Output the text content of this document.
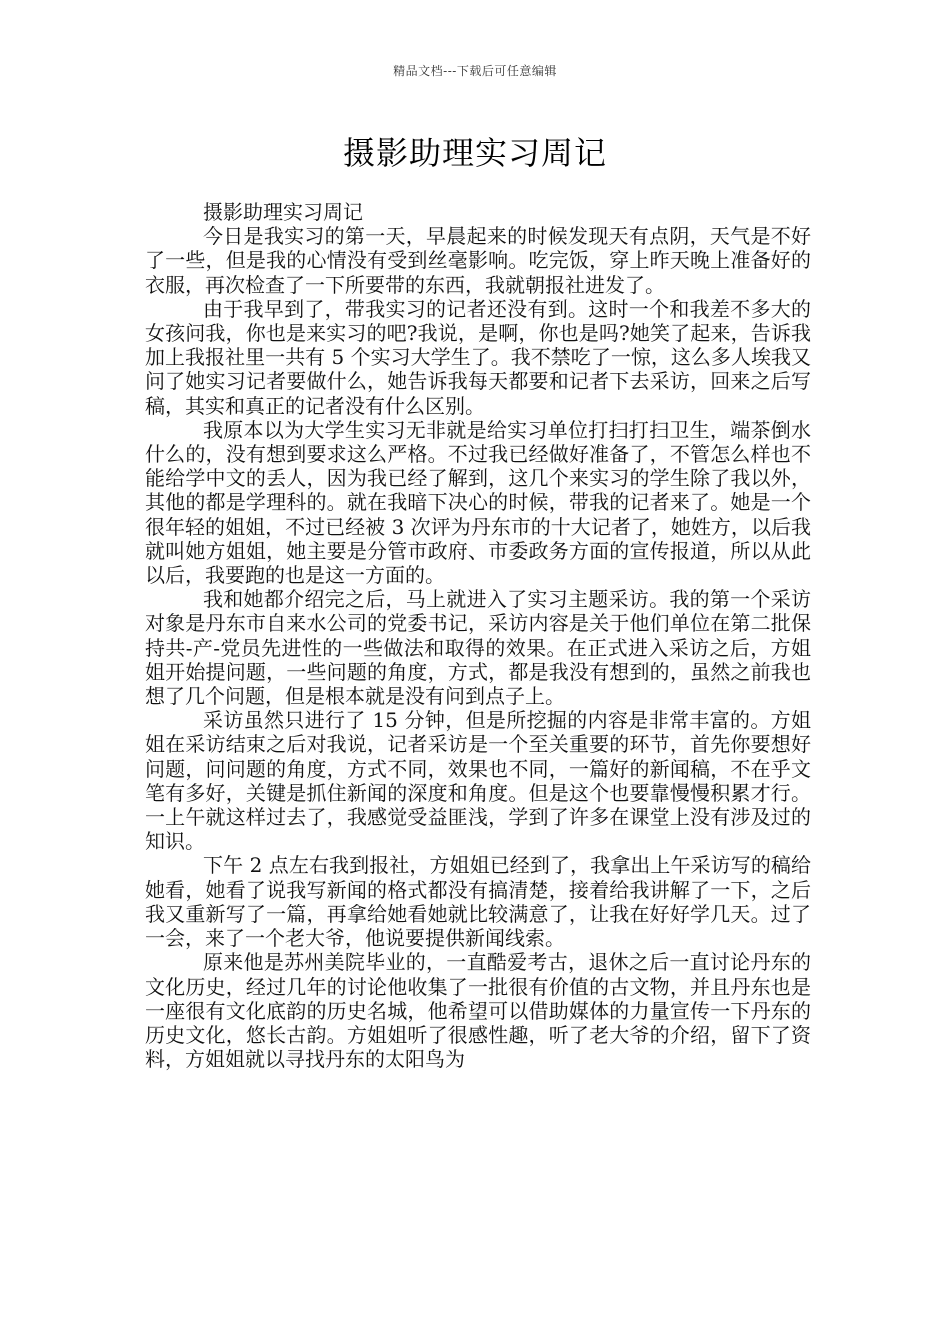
精品文档---下载后可任意编辑
摄影助理实习周记

摄影助理实习周记

今日是我实习的第一天，早晨起来的时候发现天有点阴，天气是不好了一些，但是我的心情没有受到丝毫影响。吃完饭，穿上昨天晚上准备好的衣服，再次检查了一下所要带的东西，我就朝报社进发了。

由于我早到了，带我实习的记者还没有到。这时一个和我差不多大的女孩问我，你也是来实习的吧?我说，是啊，你也是吗?她笑了起来，告诉我加上我报社里一共有 5 个实习大学生了。我不禁吃了一惊，这么多人埃我又问了她实习记者要做什么，她告诉我每天都要和记者下去采访，回来之后写稿，其实和真正的记者没有什么区别。

我原本以为大学生实习无非就是给实习单位打扫打扫卫生，端茶倒水什么的，没有想到要求这么严格。不过我已经做好准备了，不管怎么样也不能给学中文的丢人，因为我已经了解到，这几个来实习的学生除了我以外，其他的都是学理科的。就在我暗下决心的时候，带我的记者来了。她是一个很年轻的姐姐，不过已经被 3 次评为丹东市的十大记者了，她姓方，以后我就叫她方姐姐，她主要是分管市政府、市委政务方面的宣传报道，所以从此以后，我要跑的也是这一方面的。

我和她都介绍完之后，马上就进入了实习主题采访。我的第一个采访对象是丹东市自来水公司的党委书记，采访内容是关于他们单位在第二批保持共-产-党员先进性的一些做法和取得的效果。在正式进入采访之后，方姐姐开始提问题，一些问题的角度，方式，都是我没有想到的，虽然之前我也想了几个问题，但是根本就是没有问到点子上。

采访虽然只进行了 15 分钟，但是所挖掘的内容是非常丰富的。方姐姐在采访结束之后对我说，记者采访是一个至关重要的环节，首先你要想好问题，问问题的角度，方式不同，效果也不同，一篇好的新闻稿，不在乎文笔有多好，关键是抓住新闻的深度和角度。但是这个也要靠慢慢积累才行。一上午就这样过去了，我感觉受益匪浅，学到了许多在课堂上没有涉及过的知识。

下午 2 点左右我到报社，方姐姐已经到了，我拿出上午采访写的稿给她看，她看了说我写新闻的格式都没有搞清楚，接着给我讲解了一下，之后我又重新写了一篇，再拿给她看她就比较满意了，让我在好好学几天。过了一会，来了一个老大爷，他说要提供新闻线索。

原来他是苏州美院毕业的，一直酷爱考古，退休之后一直讨论丹东的文化历史，经过几年的讨论他收集了一批很有价值的古文物，并且丹东也是一座很有文化底韵的历史名城，他希望可以借助媒体的力量宣传一下丹东的历史文化，悠长古韵。方姐姐听了很感性趣，听了老大爷的介绍，留下了资料，方姐姐就以寻找丹东的太阳鸟为
